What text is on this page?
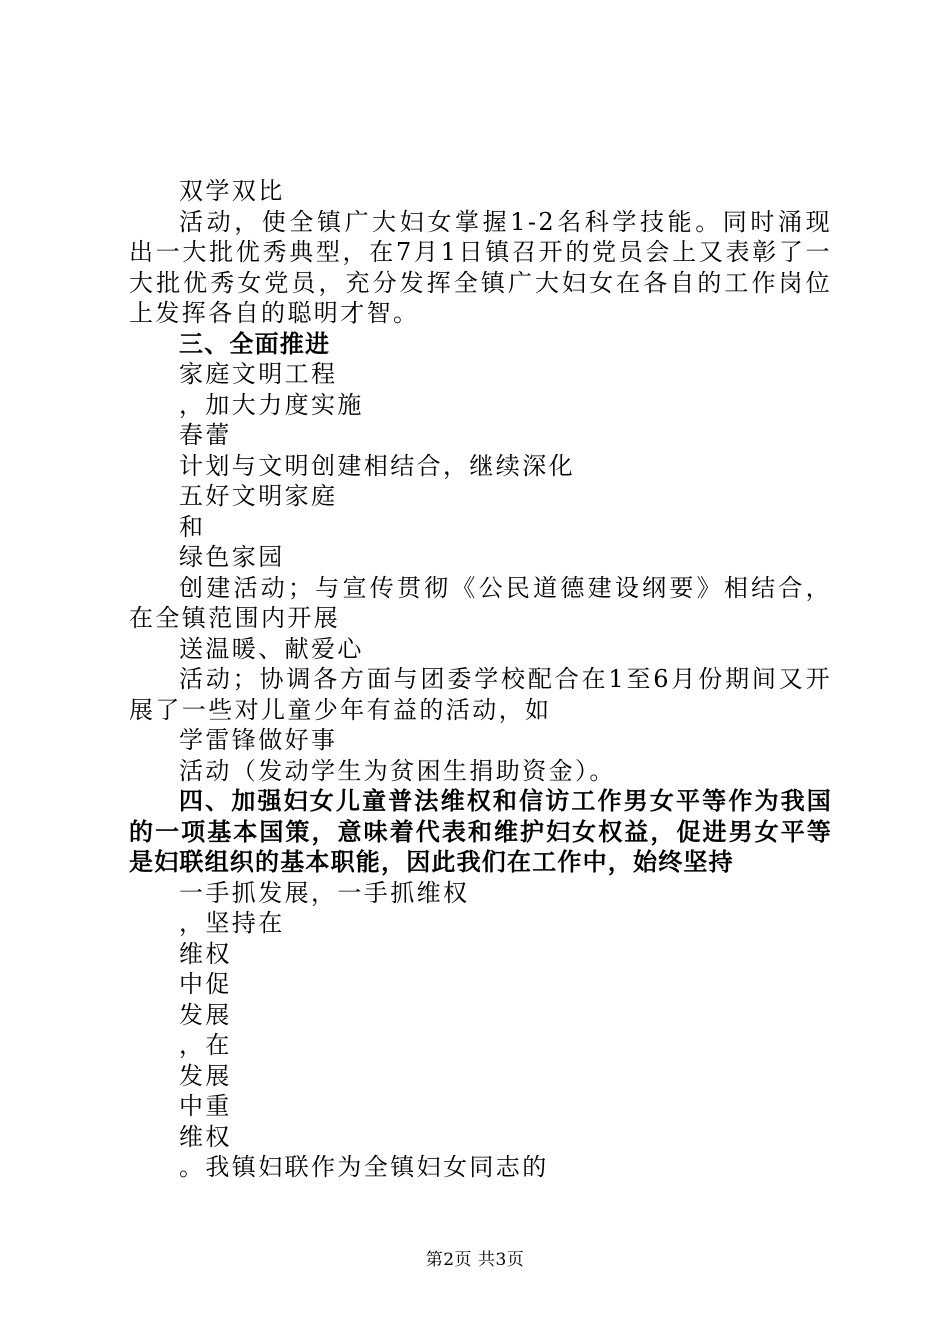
双学双比

活动，使全镇广大妇女掌握1-2名科学技能。同时涌现出一大批优秀典型，在7月1日镇召开的党员会上又表彰了一大批优秀女党员，充分发挥全镇广大妇女在各自的工作岗位上发挥各自的聪明才智。

三、全面推进

家庭文明工程

，加大力度实施

春蕾

计划与文明创建相结合，继续深化

五好文明家庭

和

绿色家园

创建活动；与宣传贯彻《公民道德建设纲要》相结合，在全镇范围内开展

送温暖、献爱心

活动；协调各方面与团委学校配合在1至6月份期间又开展了一些对儿童少年有益的活动，如

学雷锋做好事

活动（发动学生为贫困生捐助资金）。

四、加强妇女儿童普法维权和信访工作男女平等作为我国的一项基本国策，意味着代表和维护妇女权益，促进男女平等是妇联组织的基本职能，因此我们在工作中，始终坚持

一手抓发展，一手抓维权

，坚持在

维权

中促

发展

，在

发展

中重

维权

。我镇妇联作为全镇妇女同志的

第2页 共3页
